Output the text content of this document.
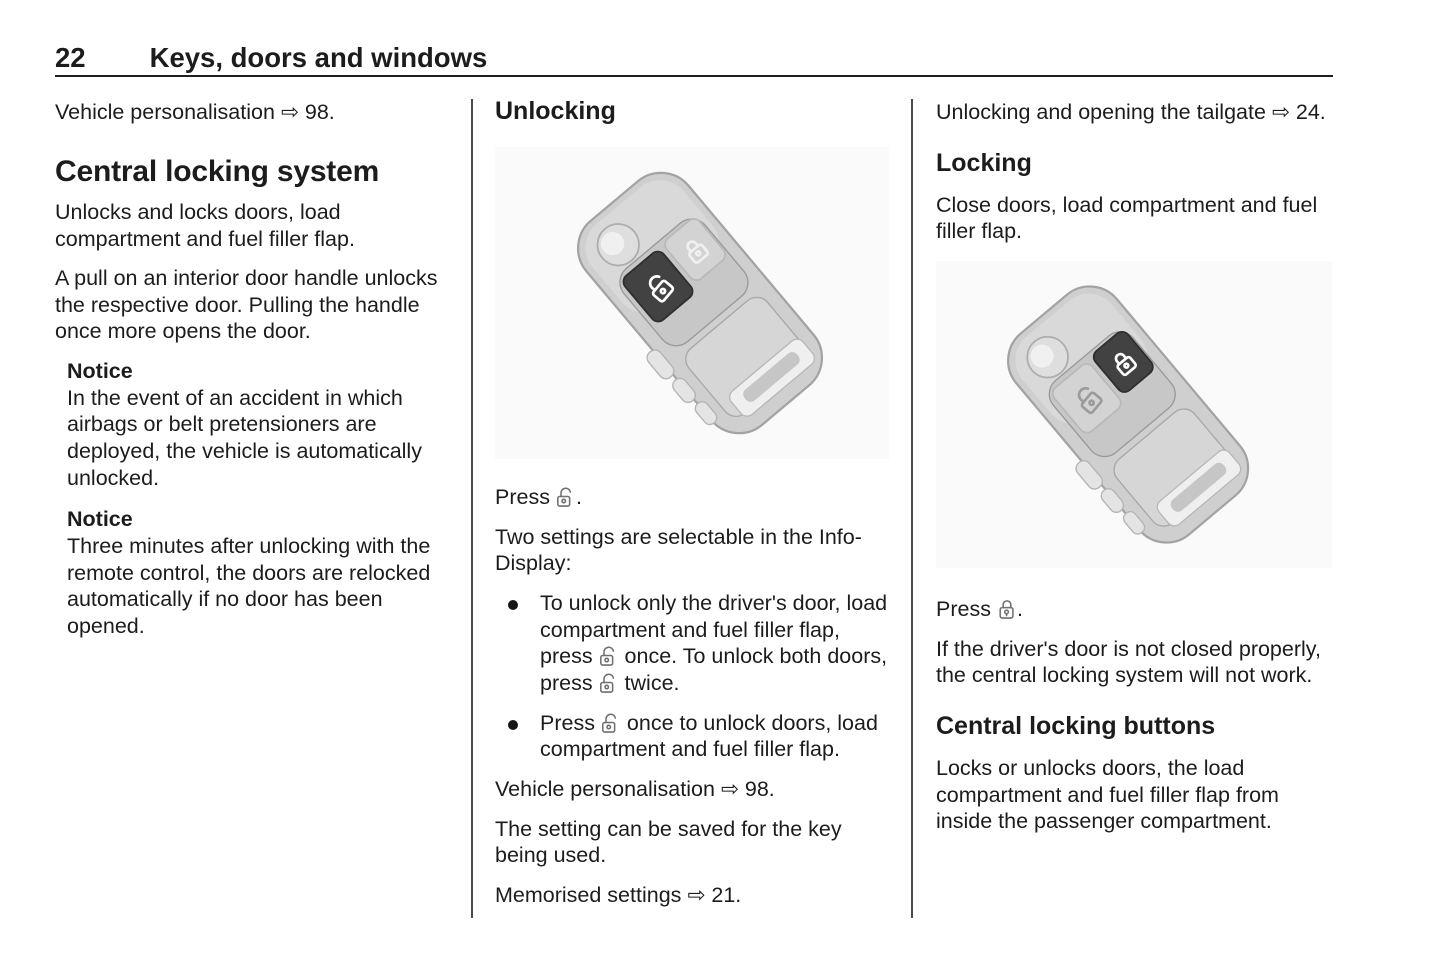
22 Keys, doors and windows

Vehicle personalisation ⇨ 98.

Central locking system

Unlocks and locks doors, load compartment and fuel filler flap.

A pull on an interior door handle unlocks the respective door. Pulling the handle once more opens the door.

Notice

In the event of an accident in which airbags or belt pretensioners are deployed, the vehicle is automatically unlocked.

Notice

Three minutes after unlocking with the remote control, the doors are relocked automatically if no door has been opened.

Unlocking

Press .

Two settings are selectable in the Info-Display:

To unlock only the driver's door, load compartment and fuel filler flap, press  once. To unlock both doors, press  twice.
Press  once to unlock doors, load compartment and fuel filler flap.

Vehicle personalisation ⇨ 98.

The setting can be saved for the key being used.

Memorised settings ⇨ 21.

Unlocking and opening the tailgate ⇨ 24.

Locking

Close doors, load compartment and fuel filler flap.

Press .

If the driver's door is not closed properly, the central locking system will not work.

Central locking buttons

Locks or unlocks doors, the load compartment and fuel filler flap from inside the passenger compartment.
